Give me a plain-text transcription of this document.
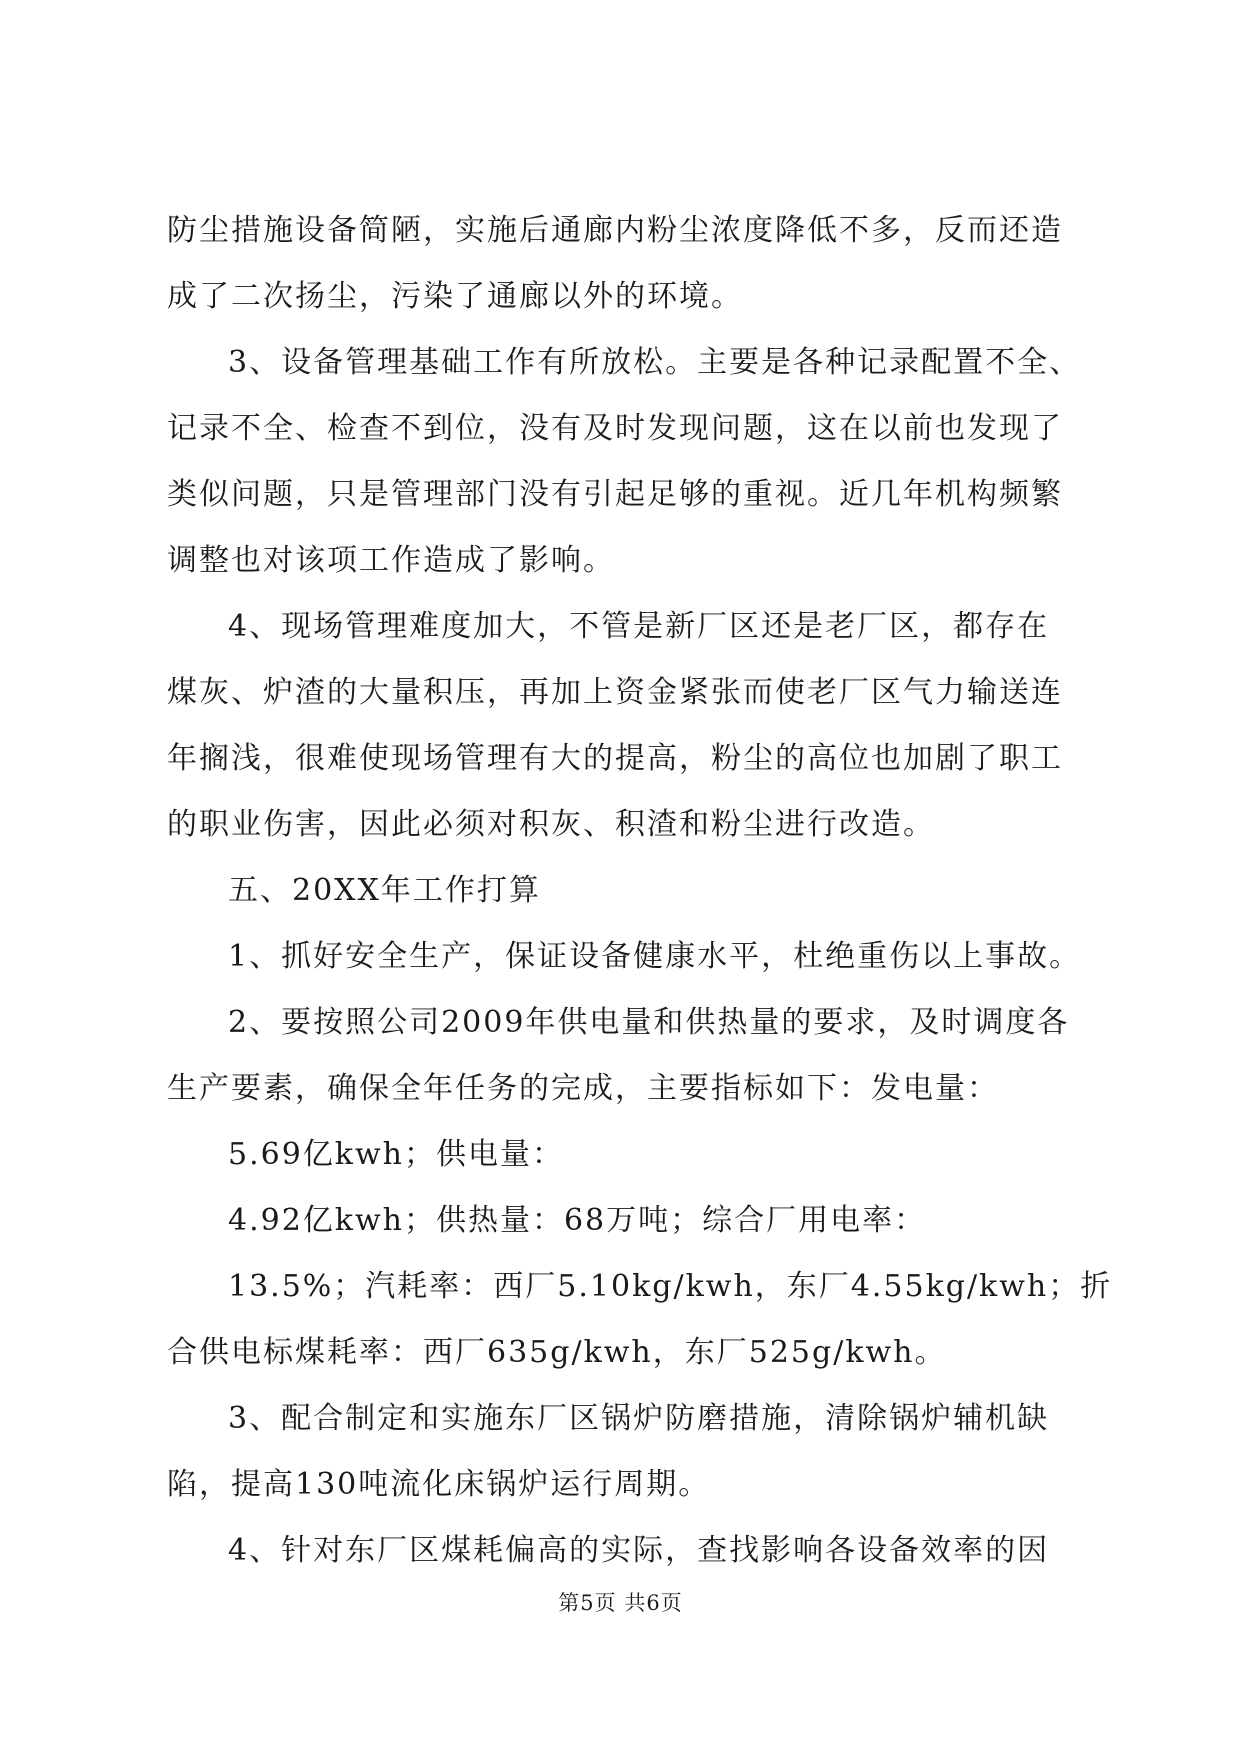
防尘措施设备简陋，实施后通廊内粉尘浓度降低不多，反而还造
成了二次扬尘，污染了通廊以外的环境。
3、设备管理基础工作有所放松。主要是各种记录配置不全、
记录不全、检查不到位，没有及时发现问题，这在以前也发现了
类似问题，只是管理部门没有引起足够的重视。近几年机构频繁
调整也对该项工作造成了影响。
4、现场管理难度加大，不管是新厂区还是老厂区，都存在
煤灰、炉渣的大量积压，再加上资金紧张而使老厂区气力输送连
年搁浅，很难使现场管理有大的提高，粉尘的高位也加剧了职工
的职业伤害，因此必须对积灰、积渣和粉尘进行改造。
五、20XX年工作打算
1、抓好安全生产，保证设备健康水平，杜绝重伤以上事故。
2、要按照公司2009年供电量和供热量的要求，及时调度各
生产要素，确保全年任务的完成，主要指标如下：发电量：
5.69亿kwh；供电量：
4.92亿kwh；供热量：68万吨；综合厂用电率：
13.5%；汽耗率：西厂5.10kg/kwh，东厂4.55kg/kwh；折
合供电标煤耗率：西厂635g/kwh，东厂525g/kwh。
3、配合制定和实施东厂区锅炉防磨措施，清除锅炉辅机缺
陷，提高130吨流化床锅炉运行周期。
4、针对东厂区煤耗偏高的实际，查找影响各设备效率的因
第5页 共6页
